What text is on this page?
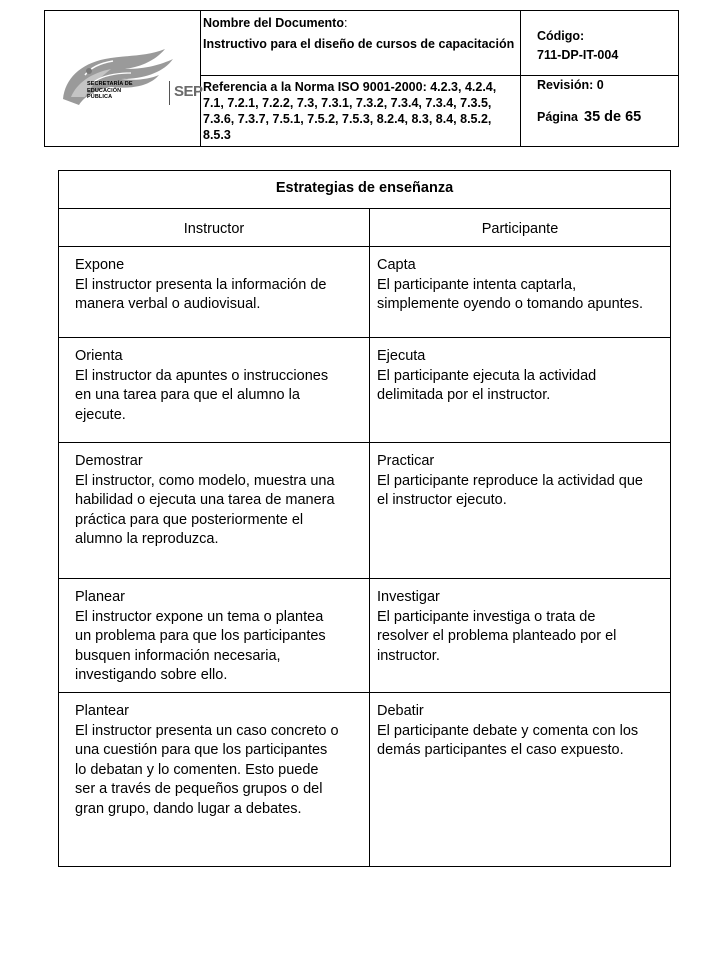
SECRETARÍA DE
EDUCACIÓN
PÚBLICA	SEP
Nombre del Documento:
Instructivo para el diseño de cursos de capacitación
Referencia a la Norma ISO 9001-2000: 4.2.3, 4.2.4, 7.1, 7.2.1, 7.2.2, 7.3, 7.3.1, 7.3.2, 7.3.4, 7.3.4, 7.3.5, 7.3.6, 7.3.7, 7.5.1, 7.5.2, 7.5.3, 8.2.4, 8.3, 8.4, 8.5.2, 8.5.3
Código:
711-DP-IT-004
Revisión: 0
Página 35 de 65
Estrategias de enseñanza
Instructor	Participante
Expone
El instructor presenta la información de manera verbal o audiovisual.
Capta
El participante intenta captarla, simplemente oyendo o tomando apuntes.
Orienta
El instructor da apuntes o instrucciones en una tarea para que el alumno la ejecute.
Ejecuta
El participante ejecuta la actividad delimitada por el instructor.
Demostrar
El instructor, como modelo, muestra una habilidad o ejecuta una tarea de manera práctica para que posteriormente el alumno la reproduzca.
Practicar
El participante reproduce la actividad que el instructor ejecuto.
Planear
El instructor expone un tema o plantea un problema para que los participantes busquen información necesaria, investigando sobre ello.
Investigar
El participante investiga o trata de resolver el problema planteado por el instructor.
Plantear
El instructor presenta un caso concreto o una cuestión para que los participantes lo debatan y lo comenten. Esto puede ser a través de pequeños grupos o del gran grupo, dando lugar a debates.
Debatir
El participante debate y comenta con los demás participantes el caso expuesto.
